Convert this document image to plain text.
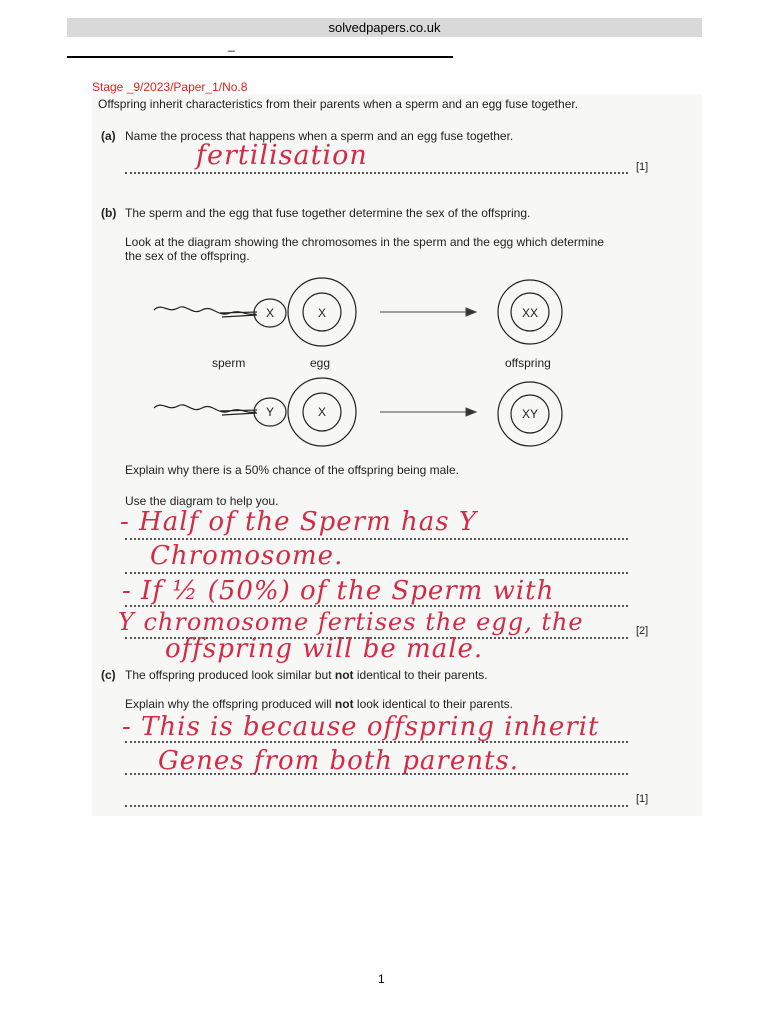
solvedpapers.co.uk
_
Stage _9/2023/Paper_1/No.8
Offspring inherit characteristics from their parents when a sperm and an egg fuse together.
(a) Name the process that happens when a sperm and an egg fuse together.
fertilisation	[1]
(b) The sperm and the egg that fuse together determine the sex of the offspring.
Look at the diagram showing the chromosomes in the sperm and the egg which determine
the sex of the offspring.
X	X	XX
Y	X	XY
sperm	egg	offspring
Explain why there is a 50% chance of the offspring being male.
Use the diagram to help you.
- Half of the Sperm has Y
Chromosome.
- If ½ (50%) of the Sperm with
Y chromosome fertises the egg, the	[2]
offspring will be male.
(c) The offspring produced look similar but not identical to their parents.
Explain why the offspring produced will not look identical to their parents.
- This is because offspring inherit
Genes from both parents.
[1]
1
